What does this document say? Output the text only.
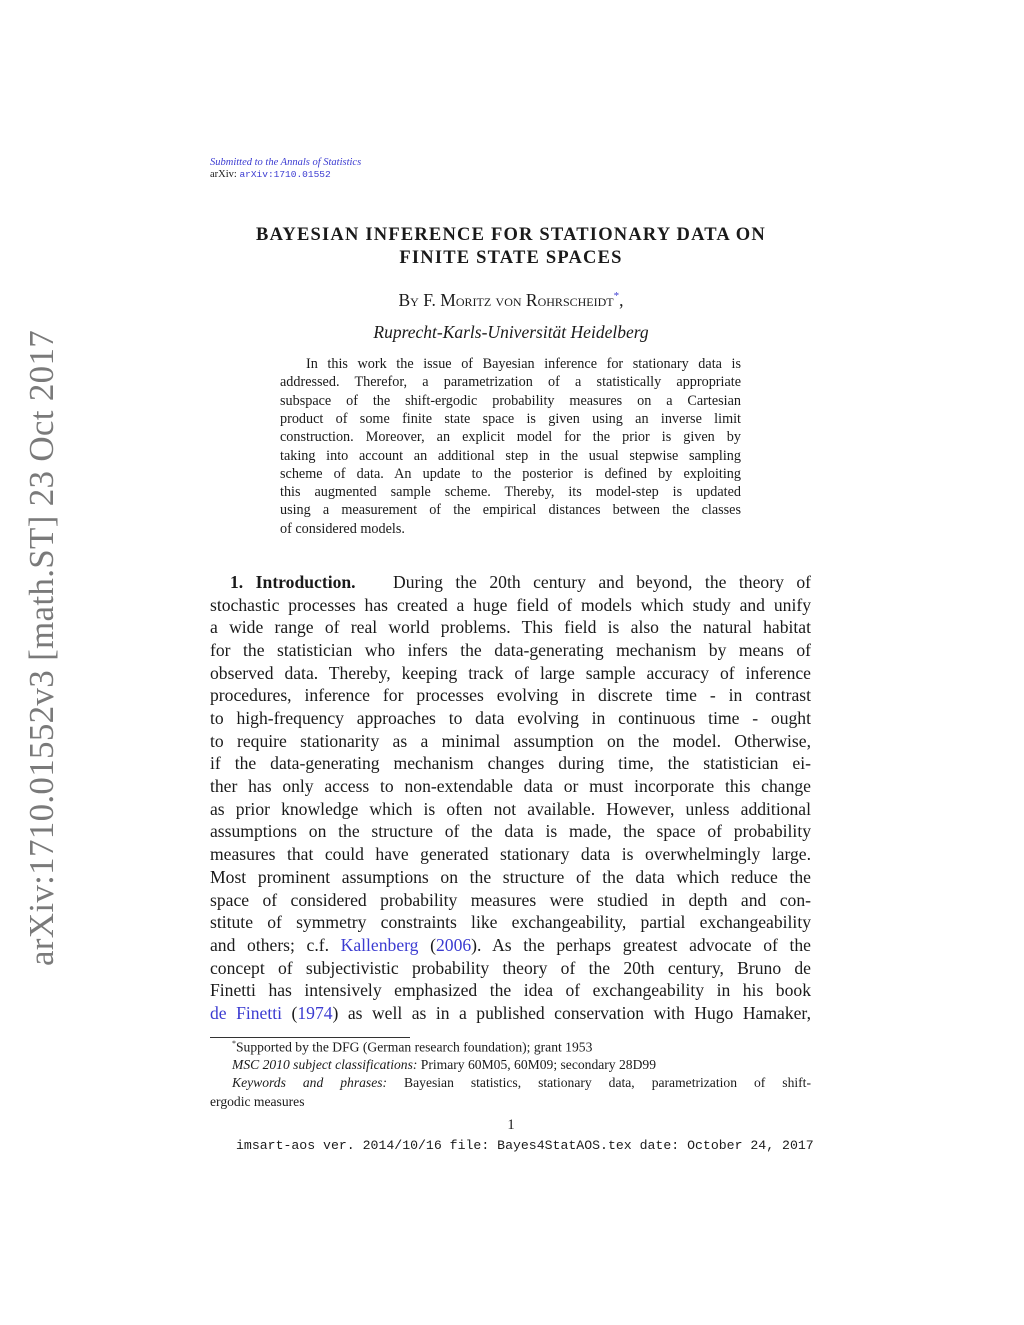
arXiv:1710.01552v3 [math.ST] 23 Oct 2017
Submitted to the Annals of Statistics
arXiv: arXiv:1710.01552
BAYESIAN INFERENCE FOR STATIONARY DATA ON
FINITE STATE SPACES
By F. Moritz von Rohrscheidt*,
Ruprecht-Karls-Universität Heidelberg
In this work the issue of Bayesian inference for stationary data is
addressed. Therefor, a parametrization of a statistically appropriate
subspace of the shift-ergodic probability measures on a Cartesian
product of some finite state space is given using an inverse limit
construction. Moreover, an explicit model for the prior is given by
taking into account an additional step in the usual stepwise sampling
scheme of data. An update to the posterior is defined by exploiting
this augmented sample scheme. Thereby, its model-step is updated
using a measurement of the empirical distances between the classes
of considered models.
1. Introduction. During the 20th century and beyond, the theory of
stochastic processes has created a huge field of models which study and unify
a wide range of real world problems. This field is also the natural habitat
for the statistician who infers the data-generating mechanism by means of
observed data. Thereby, keeping track of large sample accuracy of inference
procedures, inference for processes evolving in discrete time - in contrast
to high-frequency approaches to data evolving in continuous time - ought
to require stationarity as a minimal assumption on the model. Otherwise,
if the data-generating mechanism changes during time, the statistician ei-
ther has only access to non-extendable data or must incorporate this change
as prior knowledge which is often not available. However, unless additional
assumptions on the structure of the data is made, the space of probability
measures that could have generated stationary data is overwhelmingly large.
Most prominent assumptions on the structure of the data which reduce the
space of considered probability measures were studied in depth and con-
stitute of symmetry constraints like exchangeability, partial exchangeability
and others; c.f. Kallenberg (2006). As the perhaps greatest advocate of the
concept of subjectivistic probability theory of the 20th century, Bruno de
Finetti has intensively emphasized the idea of exchangeability in his book
de Finetti (1974) as well as in a published conservation with Hugo Hamaker,
*Supported by the DFG (German research foundation); grant 1953
MSC 2010 subject classifications: Primary 60M05, 60M09; secondary 28D99
Keywords and phrases: Bayesian statistics, stationary data, parametrization of shift-
ergodic measures
1
imsart-aos ver. 2014/10/16 file: Bayes4StatAOS.tex date: October 24, 2017
